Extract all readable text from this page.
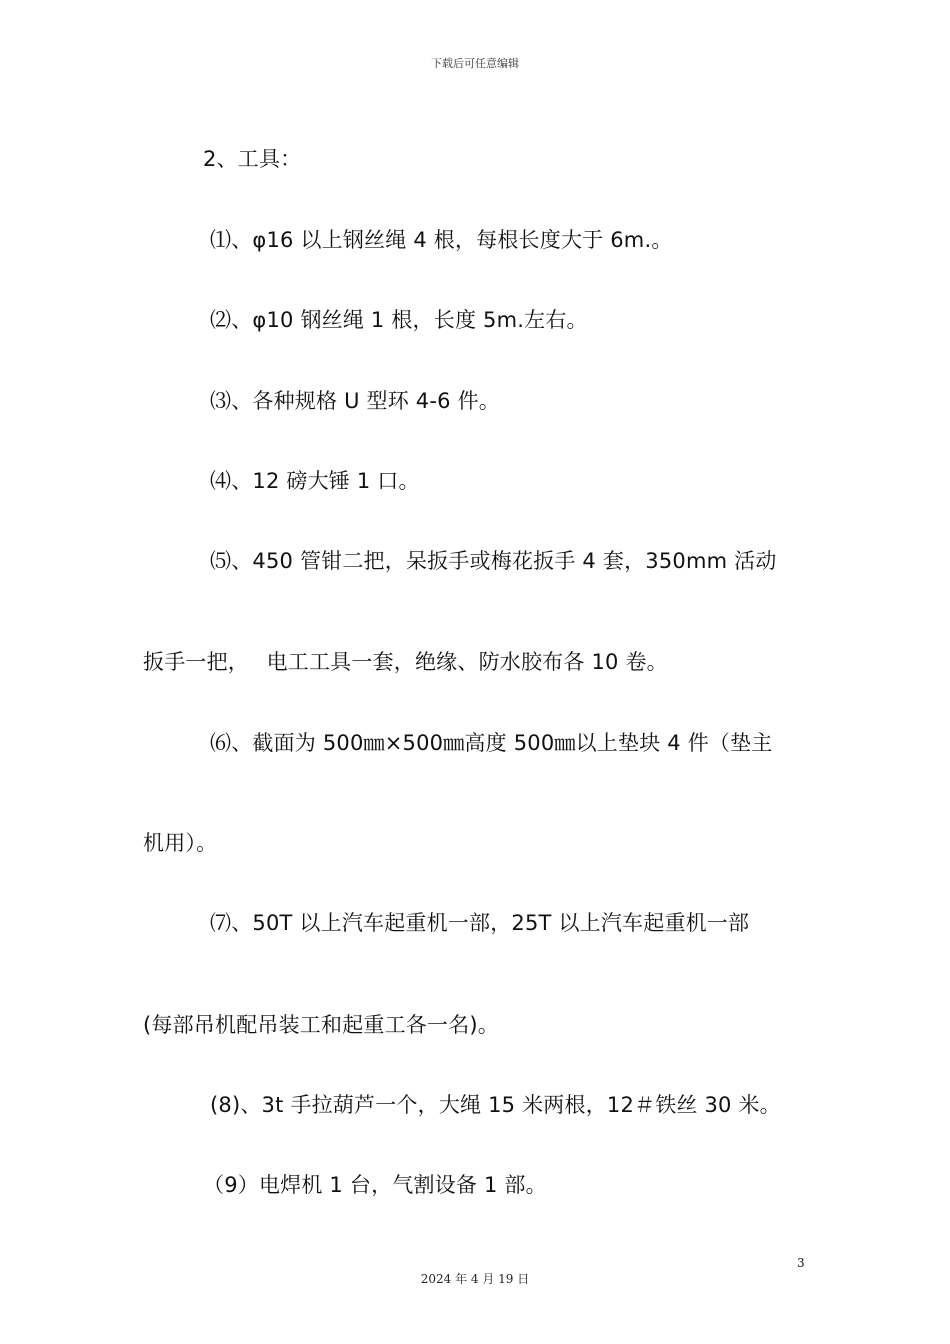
下载后可任意编辑
2、工具：
⑴、φ16 以上钢丝绳 4 根，每根长度大于 6m.。
⑵、φ10 钢丝绳 1 根，长度 5m.左右。
⑶、各种规格 U 型环 4-6 件。
⑷、12 磅大锤 1 口。
⑸、450 管钳二把，呆扳手或梅花扳手 4 套，350mm 活动
扳手一把，　 电工工具一套，绝缘、防水胶布各 10 卷。
⑹、截面为 500㎜×500㎜高度 500㎜以上垫块 4 件（垫主
机用）。
⑺、50T 以上汽车起重机一部，25T 以上汽车起重机一部
(每部吊机配吊装工和起重工各一名)。
(8)、3t 手拉葫芦一个，大绳 15 米两根，12＃铁丝 30 米。
（9）电焊机 1 台，气割设备 1 部。
3
2024 年 4 月 19 日
